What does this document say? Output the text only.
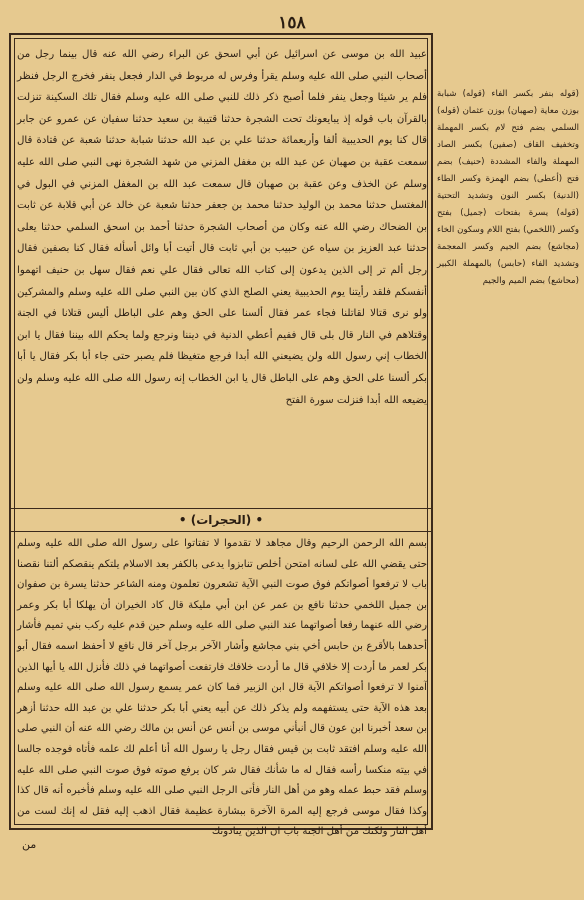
١٥٨

عبيد الله بن موسى عن اسرائيل عن أبي اسحق عن البراء رضي الله عنه قال بينما رجل من أصحاب النبي صلى الله عليه وسلم يقرأ وفرس له مربوط في الدار فجعل ينفر فخرج الرجل فنظر فلم ير شيئا وجعل ينفر فلما أصبح ذكر ذلك للنبي صلى الله عليه وسلم فقال تلك السكينة تنزلت بالقرآن باب قوله إذ يبايعونك تحت الشجرة حدثنا قتيبة بن سعيد حدثنا سفيان عن عمرو عن جابر قال كنا يوم الحديبية ألفا وأربعمائة حدثنا علي بن عبد الله حدثنا شبابة حدثنا شعبة عن قتادة قال سمعت عقبة بن صهبان عن عبد الله بن مغفل المزني من شهد الشجرة نهى النبي صلى الله عليه وسلم عن الخذف وعن عقبة بن صهبان قال سمعت عبد الله بن المغفل المزني في البول في المغتسل حدثنا محمد بن الوليد حدثنا محمد بن جعفر حدثنا شعبة عن خالد عن أبي قلابة عن ثابت بن الضحاك رضي الله عنه وكان من أصحاب الشجرة حدثنا أحمد بن اسحق السلمي حدثنا يعلى حدثنا عبد العزيز بن سياه عن حبيب بن أبي ثابت قال أتيت أبا وائل أسأله فقال كنا بصفين فقال رجل ألم تر إلى الذين يدعون إلى كتاب الله تعالى فقال علي نعم فقال سهل بن حنيف اتهموا أنفسكم فلقد رأيتنا يوم الحديبية يعني الصلح الذي كان بين النبي صلى الله عليه وسلم والمشركين ولو نرى قتالا لقاتلنا فجاء عمر فقال ألسنا على الحق وهم على الباطل أليس قتلانا في الجنة وقتلاهم في النار قال بلى قال ففيم أعطي الدنية في ديننا ونرجع ولما يحكم الله بيننا فقال يا ابن الخطاب إني رسول الله ولن يضيعني الله أبدا فرجع متغيظا فلم يصبر حتى جاء أبا بكر فقال يا أبا بكر ألسنا على الحق وهم على الباطل قال يا ابن الخطاب إنه رسول الله صلى الله عليه وسلم ولن يضيعه الله أبدا فنزلت سورة الفتح

• (الحجرات) •

بسم الله الرحمن الرحيم وقال مجاهد لا تقدموا لا تفتاتوا على رسول الله صلى الله عليه وسلم حتى يقضي الله على لسانه امتحن أخلص تنابزوا يدعى بالكفر بعد الاسلام يلتكم ينقصكم ألتنا نقصنا باب لا ترفعوا أصواتكم فوق صوت النبي الآية تشعرون تعلمون ومنه الشاعر حدثنا يسرة بن صفوان بن جميل اللخمي حدثنا نافع بن عمر عن ابن أبي مليكة قال كاد الخيران أن يهلكا أبا بكر وعمر رضي الله عنهما رفعا أصواتهما عند النبي صلى الله عليه وسلم حين قدم عليه ركب بني تميم فأشار أحدهما بالأقرع بن حابس أخي بني مجاشع وأشار الآخر برجل آخر قال نافع لا أحفظ اسمه فقال أبو بكر لعمر ما أردت إلا خلافي قال ما أردت خلافك فارتفعت أصواتهما في ذلك فأنزل الله يا أيها الذين آمنوا لا ترفعوا أصواتكم الآية قال ابن الزبير فما كان عمر يسمع رسول الله صلى الله عليه وسلم بعد هذه الآية حتى يستفهمه ولم يذكر ذلك عن أبيه يعني أبا بكر حدثنا علي بن عبد الله حدثنا أزهر بن سعد أخبرنا ابن عون قال أنبأني موسى بن أنس عن أنس بن مالك رضي الله عنه أن النبي صلى الله عليه وسلم افتقد ثابت بن قيس فقال رجل يا رسول الله أنا أعلم لك علمه فأتاه فوجده جالسا في بيته منكسا رأسه فقال له ما شأنك فقال شر كان يرفع صوته فوق صوت النبي صلى الله عليه وسلم فقد حبط عمله وهو من أهل النار فأتى الرجل النبي صلى الله عليه وسلم فأخبره أنه قال كذا وكذا فقال موسى فرجع إليه المرة الآخرة ببشارة عظيمة فقال اذهب إليه فقل له إنك لست من أهل النار ولكنك من أهل الجنة باب ان الذين ينادونك

من

(قوله بنفر بكسر الفاء (قوله) شبابة بوزن معاية (صهبان) بوزن عثمان (قوله) السلمي بضم فتح لام بكسر المهملة وتخفيف القاف (صفين) بكسر الصاد المهملة والفاء المشددة (حنيف) بضم فتح (أعطى) بضم الهمزة وكسر الطاء (الدنية) بكسر النون وتشديد التحتية (قوله) يسرة بفتحات (جميل) بفتح وكسر (اللخمي) بفتح اللام وسكون الخاء (مجاشع) بضم الجيم وكسر المعجمة وتشديد الفاء (حابس) بالمهملة الكبير (محاشع) بضم الميم والجيم
